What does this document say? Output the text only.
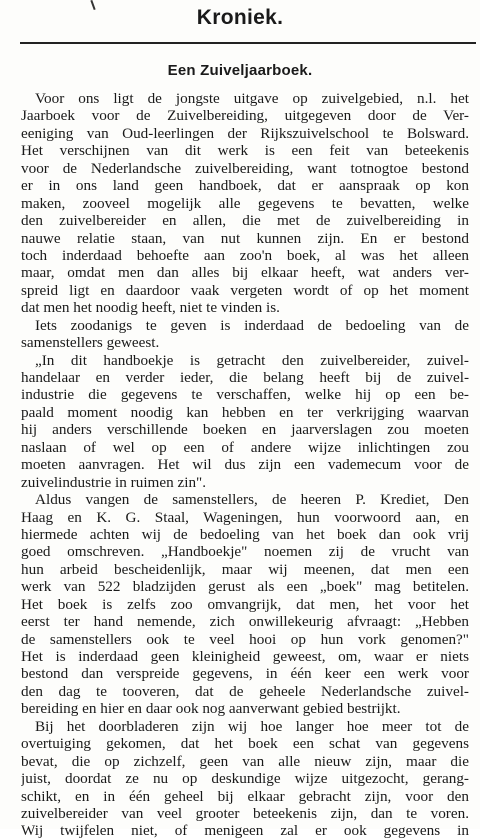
Kroniek.
Een Zuiveljaarboek.
Voor ons ligt de jongste uitgave op zuivelgebied, n.l. het
Jaarboek voor de Zuivelbereiding, uitgegeven door de Ver-
eeniging van Oud-leerlingen der Rijkszuivelschool te Bolsward.
Het verschijnen van dit werk is een feit van beteekenis
voor de Nederlandsche zuivelbereiding, want totnogtoe bestond
er in ons land geen handboek, dat er aanspraak op kon
maken, zooveel mogelijk alle gegevens te bevatten, welke
den zuivelbereider en allen, die met de zuivelbereiding in
nauwe relatie staan, van nut kunnen zijn. En er bestond
toch inderdaad behoefte aan zoo'n boek, al was het alleen
maar, omdat men dan alles bij elkaar heeft, wat anders ver-
spreid ligt en daardoor vaak vergeten wordt of op het moment
dat men het noodig heeft, niet te vinden is.
Iets zoodanigs te geven is inderdaad de bedoeling van de
samenstellers geweest.
„In dit handboekje is getracht den zuivelbereider, zuivel-
handelaar en verder ieder, die belang heeft bij de zuivel-
industrie die gegevens te verschaffen, welke hij op een be-
paald moment noodig kan hebben en ter verkrijging waarvan
hij anders verschillende boeken en jaarverslagen zou moeten
naslaan of wel op een of andere wijze inlichtingen zou
moeten aanvragen. Het wil dus zijn een vademecum voor de
zuivelindustrie in ruimen zin".
Aldus vangen de samenstellers, de heeren P. Krediet, Den
Haag en K. G. Staal, Wageningen, hun voorwoord aan, en
hiermede achten wij de bedoeling van het boek dan ook vrij
goed omschreven. „Handboekje" noemen zij de vrucht van
hun arbeid bescheidenlijk, maar wij meenen, dat men een
werk van 522 bladzijden gerust als een „boek" mag betitelen.
Het boek is zelfs zoo omvangrijk, dat men, het voor het
eerst ter hand nemende, zich onwillekeurig afvraagt: „Hebben
de samenstellers ook te veel hooi op hun vork genomen?"
Het is inderdaad geen kleinigheid geweest, om, waar er niets
bestond dan verspreide gegevens, in één keer een werk voor
den dag te tooveren, dat de geheele Nederlandsche zuivel-
bereiding en hier en daar ook nog aanverwant gebied bestrijkt.
Bij het doorbladeren zijn wij hoe langer hoe meer tot de
overtuiging gekomen, dat het boek een schat van gegevens
bevat, die op zichzelf, geen van alle nieuw zijn, maar die
juist, doordat ze nu op deskundige wijze uitgezocht, gerang-
schikt, en in één geheel bij elkaar gebracht zijn, voor den
zuivelbereider van veel grooter beteekenis zijn, dan te voren.
Wij twijfelen niet, of menigeen zal er ook gegevens in
